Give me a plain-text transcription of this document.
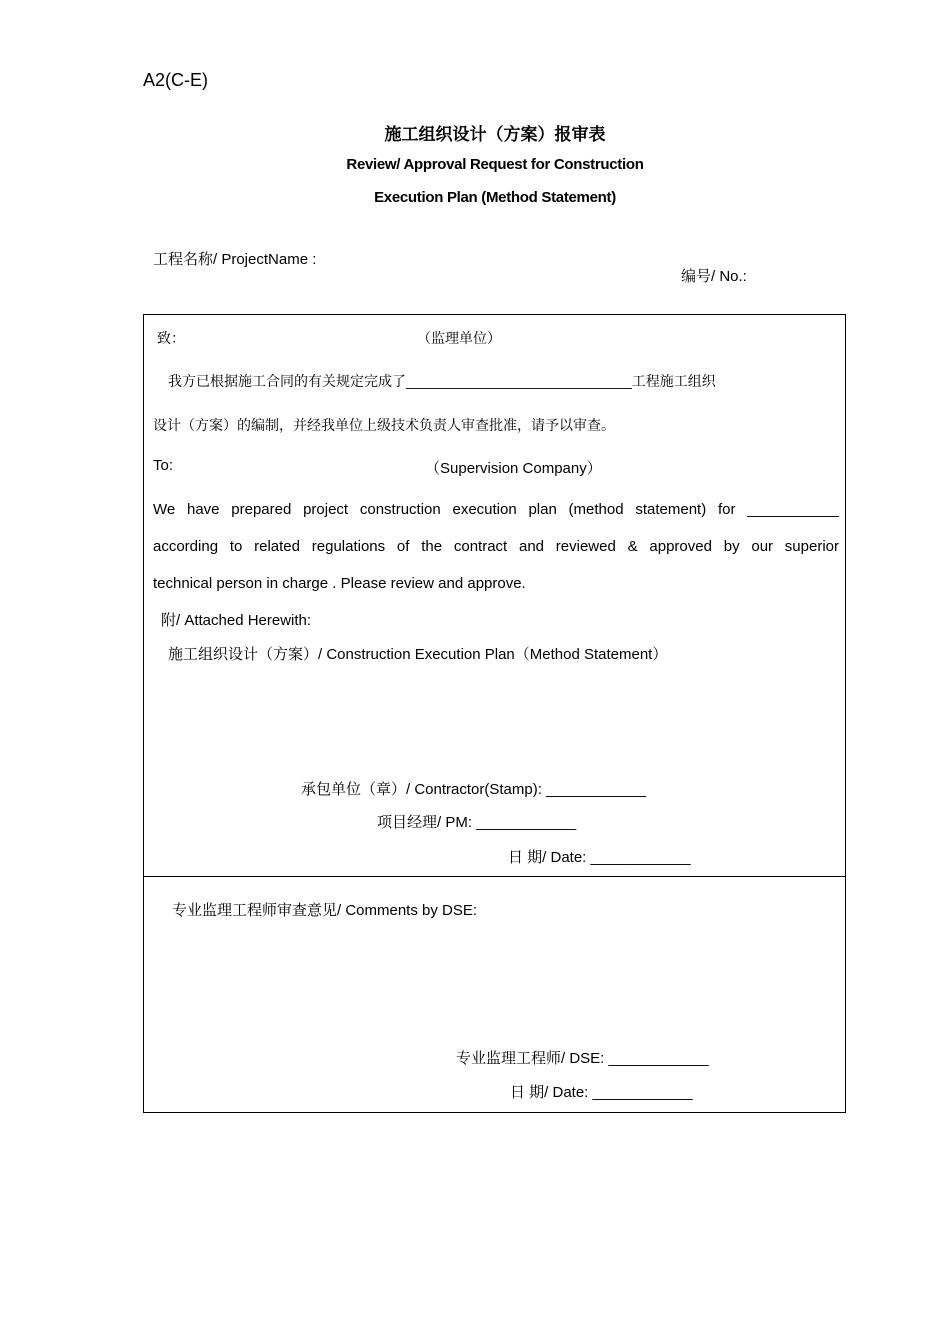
A2(C-E)
施工组织设计（方案）报审表
Review/ Approval Request for Construction
Execution Plan (Method Statement)
工程名称/ ProjectName :
编号/ No.:
致：	（监理单位）
我方已根据施工合同的有关规定完成了_____________________________工程施工组织
设计（方案）的编制，并经我单位上级技术负责人审查批准，请予以审查。
To:	（Supervision Company）
We have prepared project construction execution plan (method statement) for ___________
according to related regulations of the contract and reviewed & approved by our superior
technical person in charge . Please review and approve.
附/ Attached Herewith:
施工组织设计（方案）/ Construction Execution Plan（Method Statement）
承包单位（章）/ Contractor(Stamp): ____________
项目经理/ PM: ____________
日 期/ Date: ____________
专业监理工程师审查意见/ Comments by DSE:
专业监理工程师/ DSE: ____________
日 期/ Date: ____________
